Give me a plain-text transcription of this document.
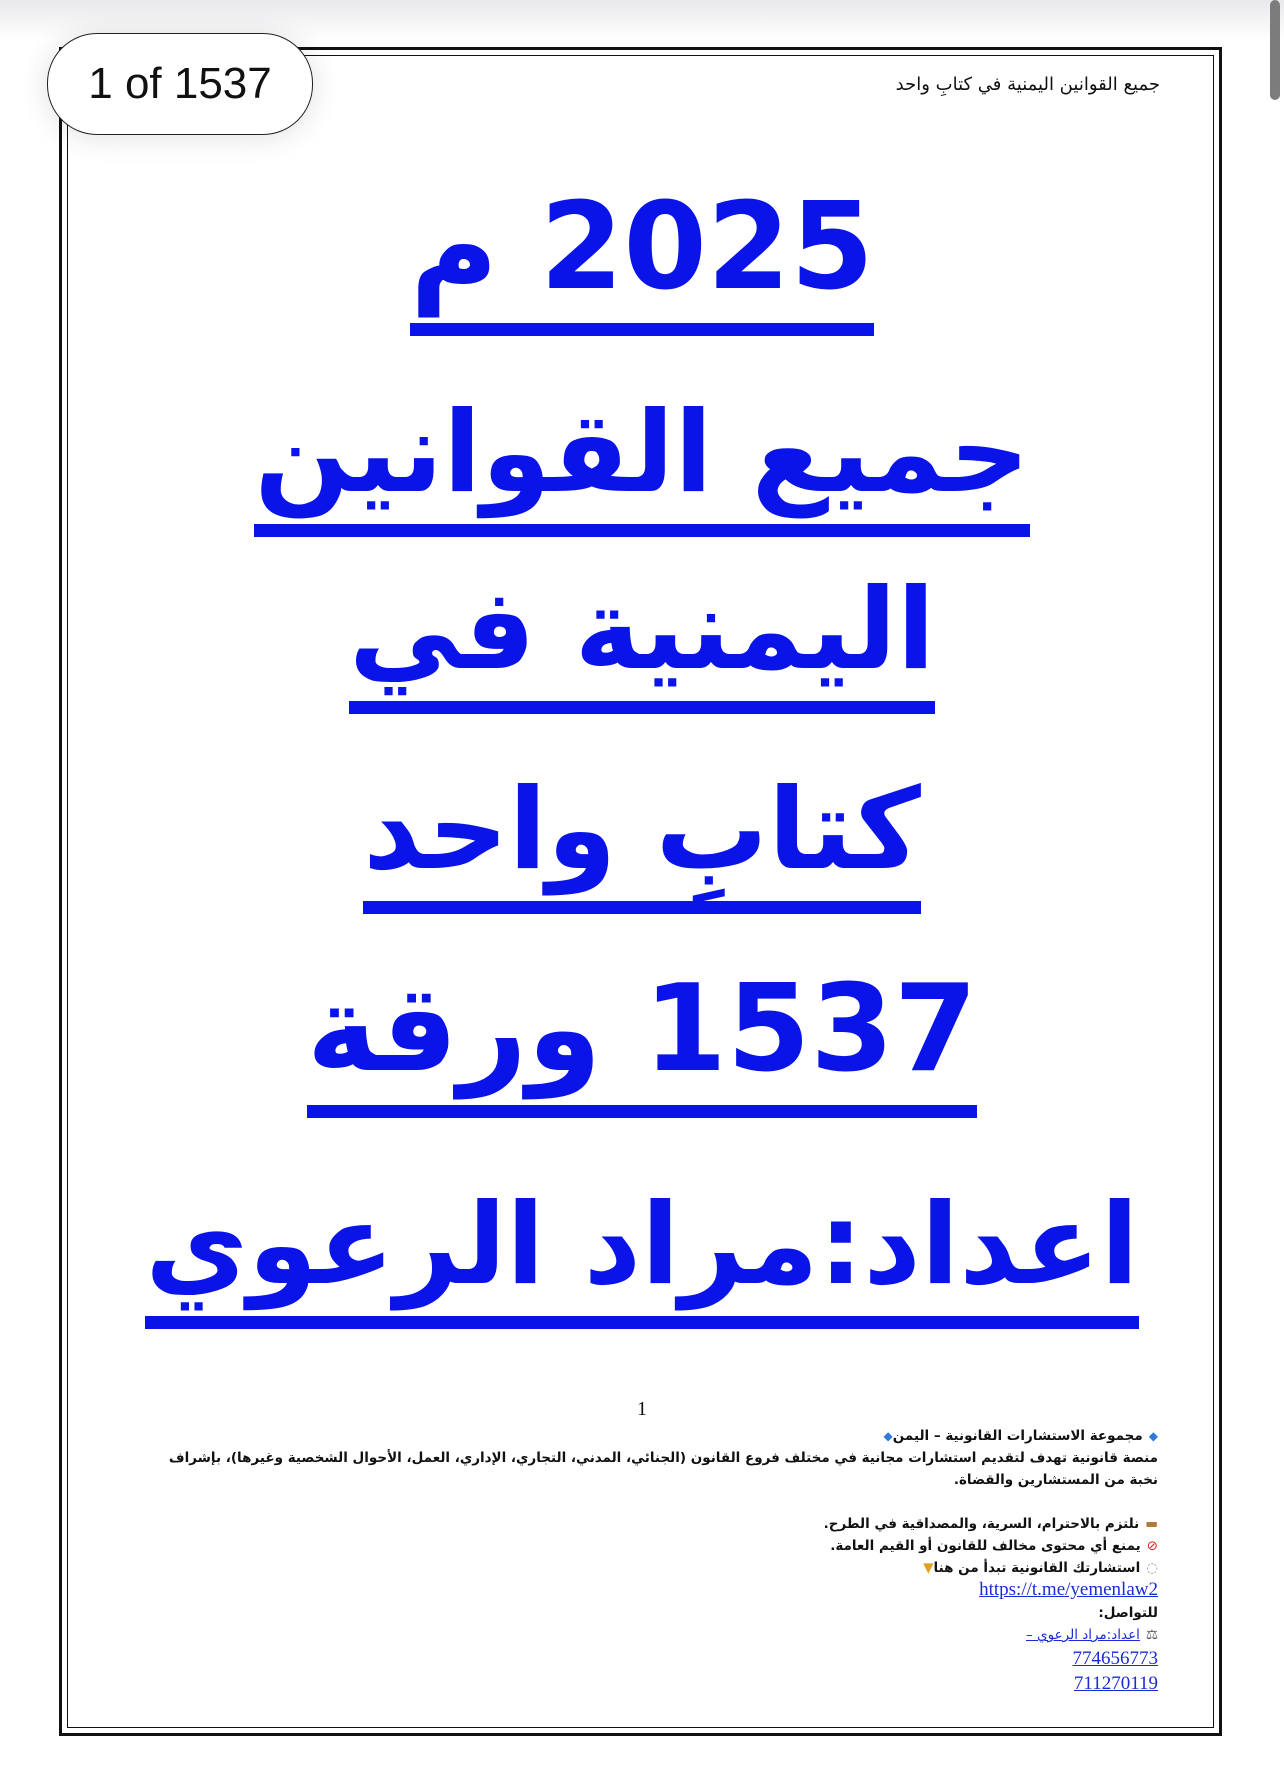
1 of 1537	جميع القوانين اليمنية في كتابِ واحد
2025 م
جميع القوانين
اليمنية في
كتابِ واحد
1537 ورقة
اعداد:مراد الرعوي
1
◆مجموعة الاستشارات القانونية – اليمن◆
منصة قانونية تهدف لتقديم استشارات مجانية في مختلف فروع القانون (الجنائي، المدني، التجاري، الإداري، العمل، الأحوال الشخصية وغيرها)، بإشراف نخبة من المستشارين والقضاة.
▬نلتزم بالاحترام، السرية، والمصداقية في الطرح.
⊘يمنع أي محتوى مخالف للقانون أو القيم العامة.
◌استشارتك القانونية تبدأ من هنا▼
https://t.me/yemenlaw2
للتواصل:
⚖اعداد:مراد الرعوي –
774656773
711270119
